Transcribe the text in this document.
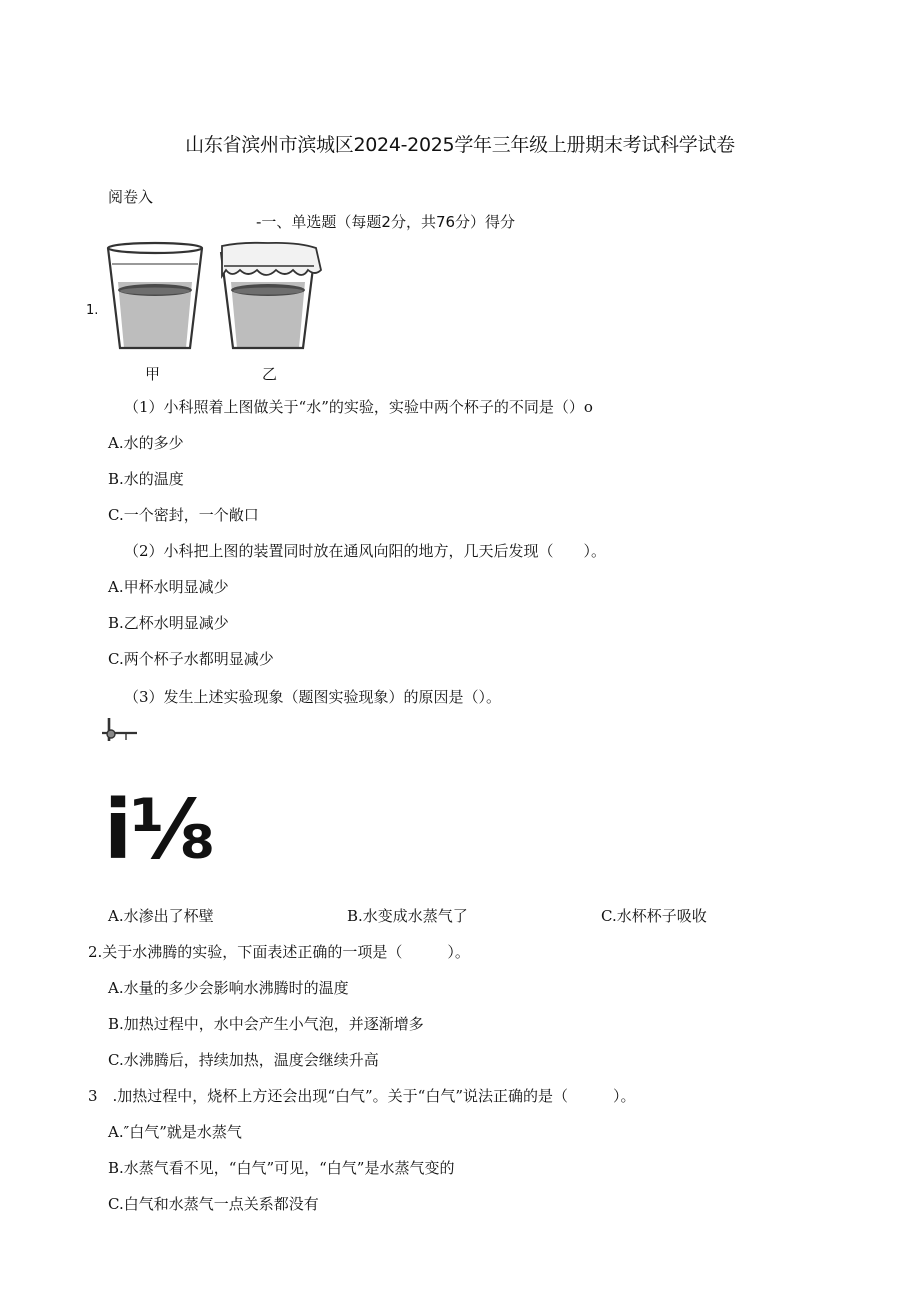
山东省滨州市滨城区2024-2025学年三年级上册期末考试科学试卷
阅卷入
-一、单选题（每题2分，共76分）得分
1.
甲	乙
（1）小科照着上图做关于“水”的实验，实验中两个杯子的不同是（）o
A.水的多少
B.水的温度
C.一个密封，一个敞口
（2）小科把上图的装置同时放在通风向阳的地方，几天后发现（　　）。
A.甲杯水明显减少
B.乙杯水明显减少
C.两个杯子水都明显减少
（3）发生上述实验现象（题图实验现象）的原因是（）。
i⅛
A.水渗出了杯壁	B.水变成水蒸气了	C.水杯杯子吸收
2.关于水沸腾的实验，下面表述正确的一项是（　　　）。
A.水量的多少会影响水沸腾时的温度
B.加热过程中，水中会产生小气泡，并逐渐增多
C.水沸腾后，持续加热，温度会继续升高
3　.加热过程中，烧杯上方还会出现“白气”。关于“白气”说法正确的是（　　　）。
A.″白气”就是水蒸气
B.水蒸气看不见，“白气”可见，“白气”是水蒸气变的
C.白气和水蒸气一点关系都没有
